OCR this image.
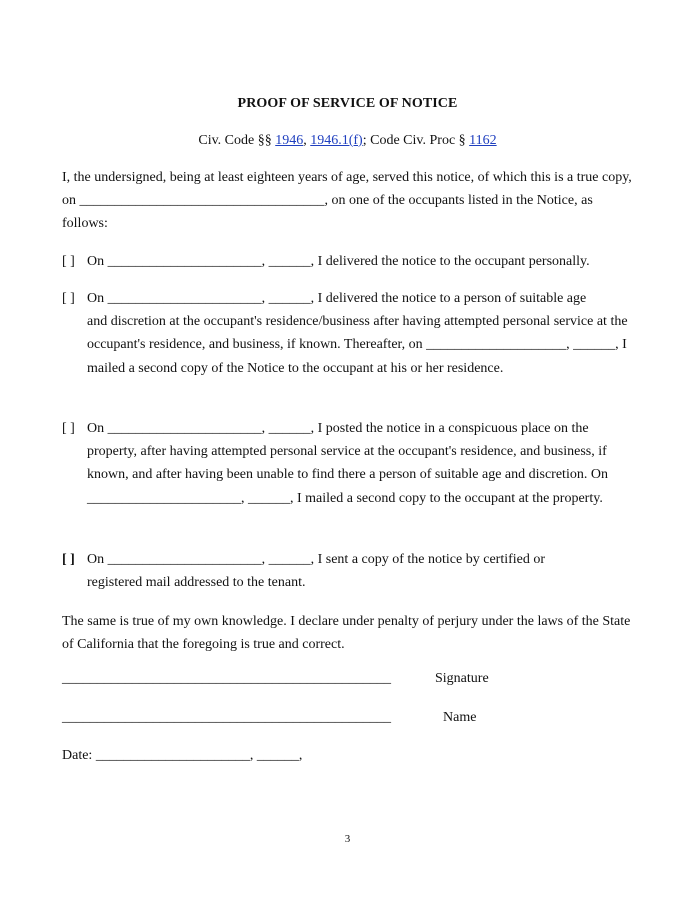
PROOF OF SERVICE OF NOTICE
Civ. Code §§ 1946, 1946.1(f); Code Civ. Proc § 1162
I, the undersigned, being at least eighteen years of age, served this notice, of which this is a true copy, on ___________________________________, on one of the occupants listed in the Notice, as follows:
[ ] On ______________________, ______, I delivered the notice to the occupant personally.
[ ] On ______________________, ______, I delivered the notice to a person of suitable age
and discretion at the occupant's residence/business after having attempted personal service at the occupant's residence, and business, if known. Thereafter, on ____________________, ______, I mailed a second copy of the Notice to the occupant at his or her residence.
[ ] On ______________________, ______, I posted the notice in a conspicuous place on the
property, after having attempted personal service at the occupant's residence, and business, if known, and after having been unable to find there a person of suitable age and discretion. On ______________________, ______, I mailed a second copy to the occupant at the property.
[ ] On ______________________, ______, I sent a copy of the notice by certified or
registered mail addressed to the tenant.
The same is true of my own knowledge. I declare under penalty of perjury under the laws of the State of California that the foregoing is true and correct.
_______________________________________________	Signature
_______________________________________________	Name
Date: ______________________, ______,
3
